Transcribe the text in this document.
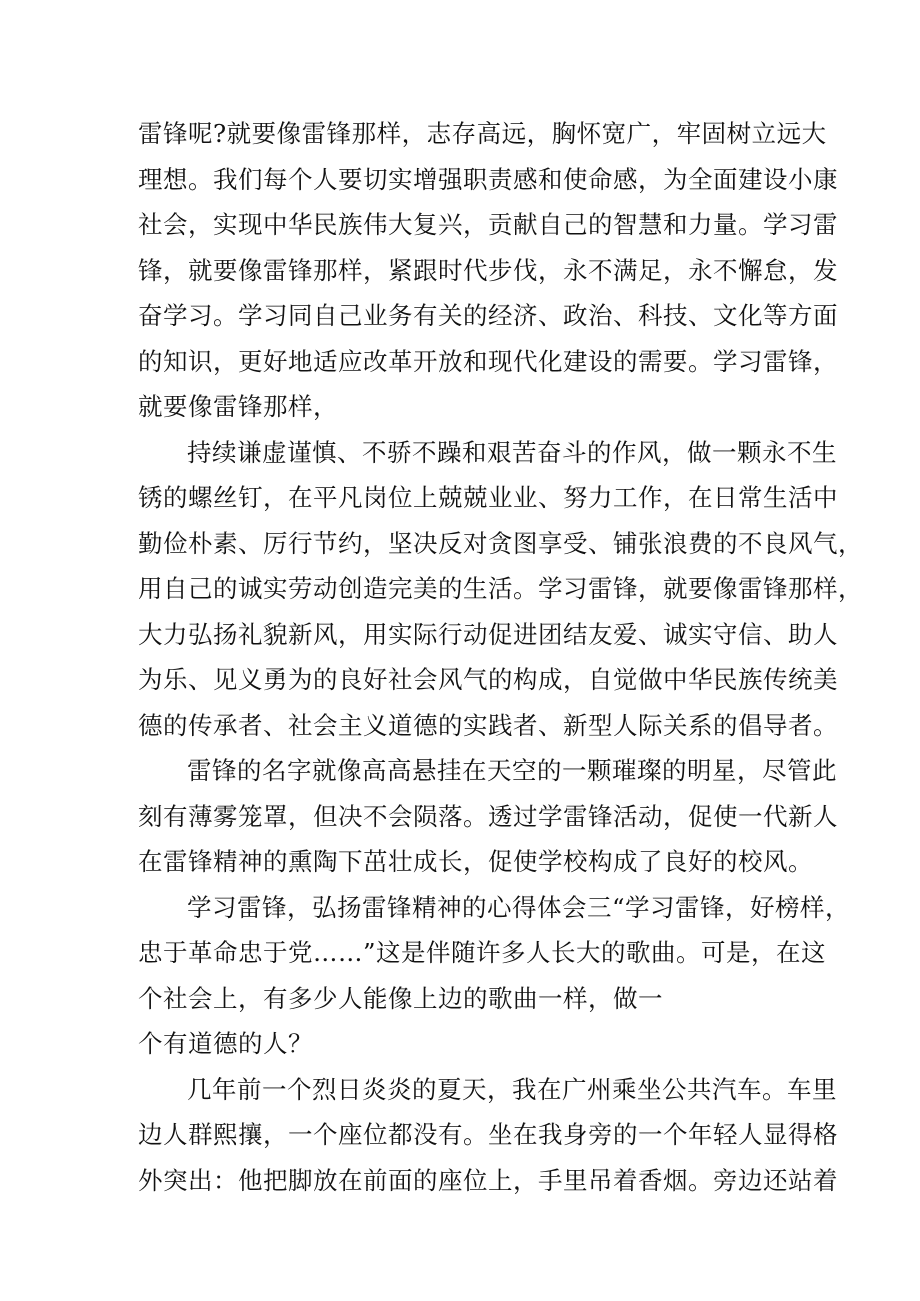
雷锋呢?就要像雷锋那样，志存高远，胸怀宽广，牢固树立远大
理想。我们每个人要切实增强职责感和使命感，为全面建设小康
社会，实现中华民族伟大复兴，贡献自己的智慧和力量。学习雷
锋，就要像雷锋那样，紧跟时代步伐，永不满足，永不懈怠，发
奋学习。学习同自己业务有关的经济、政治、科技、文化等方面
的知识，更好地适应改革开放和现代化建设的需要。学习雷锋，
就要像雷锋那样，
持续谦虚谨慎、不骄不躁和艰苦奋斗的作风，做一颗永不生
锈的螺丝钉，在平凡岗位上兢兢业业、努力工作，在日常生活中
勤俭朴素、厉行节约，坚决反对贪图享受、铺张浪费的不良风气，
用自己的诚实劳动创造完美的生活。学习雷锋，就要像雷锋那样，
大力弘扬礼貌新风，用实际行动促进团结友爱、诚实守信、助人
为乐、见义勇为的良好社会风气的构成，自觉做中华民族传统美
德的传承者、社会主义道德的实践者、新型人际关系的倡导者。
雷锋的名字就像高高悬挂在天空的一颗璀璨的明星，尽管此
刻有薄雾笼罩，但决不会陨落。透过学雷锋活动，促使一代新人
在雷锋精神的熏陶下茁壮成长，促使学校构成了良好的校风。
学习雷锋，弘扬雷锋精神的心得体会三“学习雷锋，好榜样，
忠于革命忠于党……”这是伴随许多人长大的歌曲。可是，在这
个社会上，有多少人能像上边的歌曲一样，做一
个有道德的人？
几年前一个烈日炎炎的夏天，我在广州乘坐公共汽车。车里
边人群熙攘，一个座位都没有。坐在我身旁的一个年轻人显得格
外突出：他把脚放在前面的座位上，手里吊着香烟。旁边还站着
